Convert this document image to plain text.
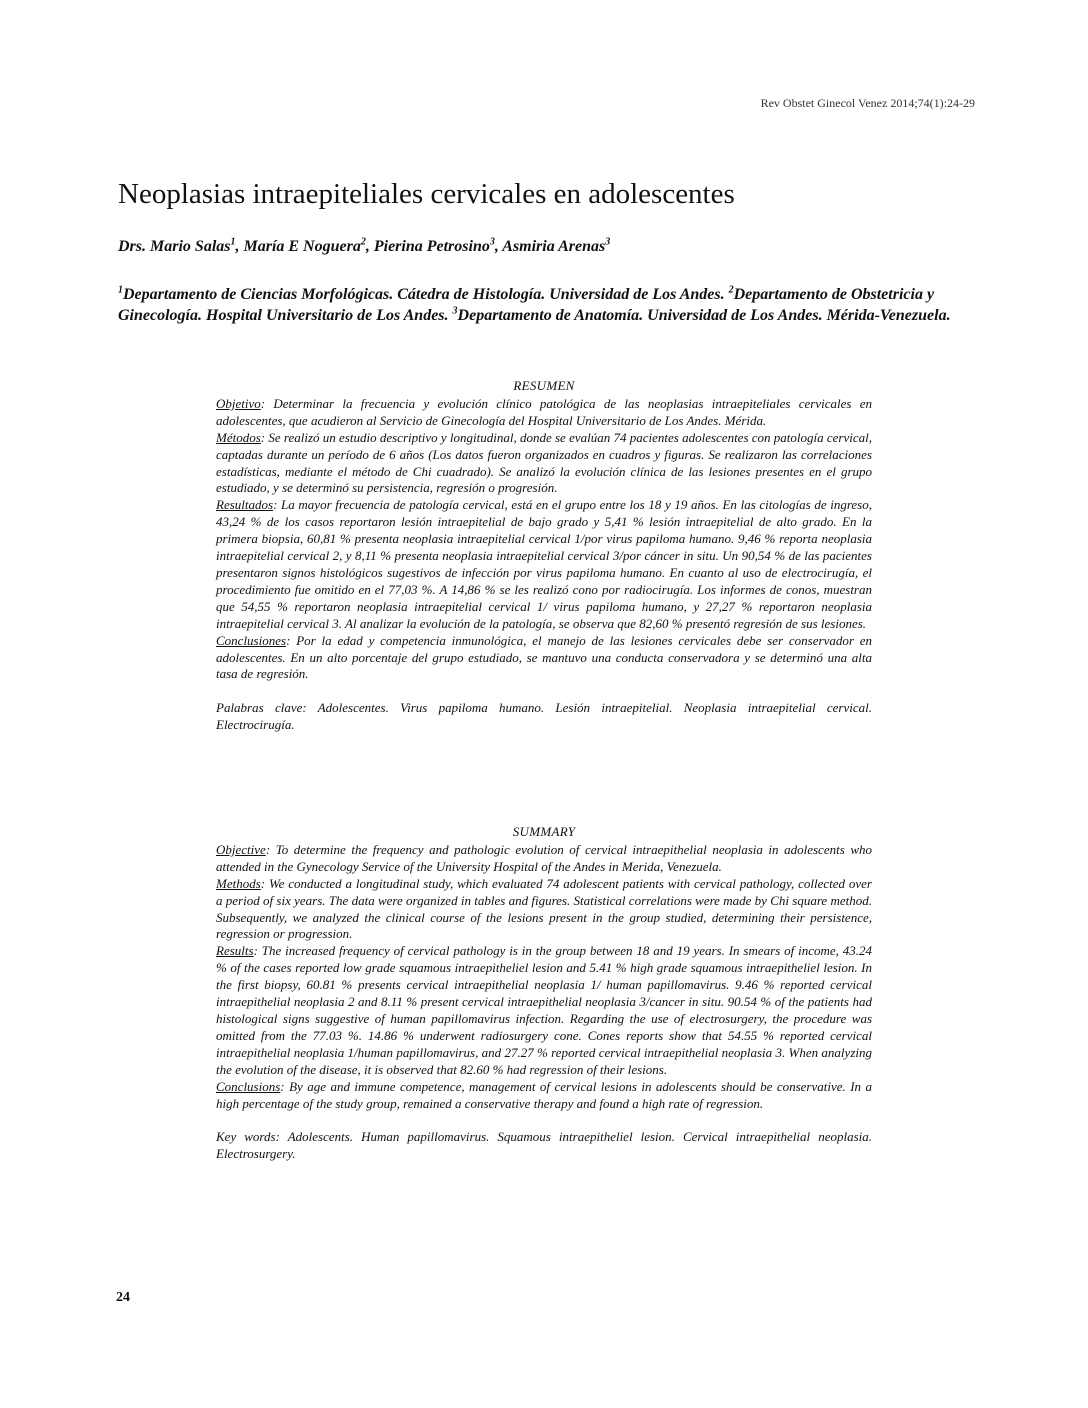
Rev Obstet Ginecol Venez 2014;74(1):24-29
Neoplasias intraepiteliales cervicales en adolescentes
Drs. Mario Salas$^1$, María E Noguera$^2$, Pierina Petrosino$^3$, Asmiria Arenas$^3$
$^1$Departamento de Ciencias Morfológicas. Cátedra de Histología. Universidad de Los Andes. $^2$Departamento de Obstetricia y Ginecología. Hospital Universitario de Los Andes. $^3$Departamento de Anatomía. Universidad de Los Andes. Mérida-Venezuela.
RESUMEN

Objetivo: Determinar la frecuencia y evolución clínico patológica de las neoplasias intraepiteliales cervicales en adolescentes, que acudieron al Servicio de Ginecología del Hospital Universitario de Los Andes. Mérida.

Métodos: Se realizó un estudio descriptivo y longitudinal, donde se evalúan 74 pacientes adolescentes con patología cervical, captadas durante un período de 6 años (Los datos fueron organizados en cuadros y figuras. Se realizaron las correlaciones estadísticas, mediante el método de Chi cuadrado). Se analizó la evolución clínica de las lesiones presentes en el grupo estudiado, y se determinó su persistencia, regresión o progresión.

Resultados: La mayor frecuencia de patología cervical, está en el grupo entre los 18 y 19 años. En las citologías de ingreso, 43,24 % de los casos reportaron lesión intraepitelial de bajo grado y 5,41 % lesión intraepitelial de alto grado. En la primera biopsia, 60,81 % presenta neoplasia intraepitelial cervical 1/por virus papiloma humano. 9,46 % reporta neoplasia intraepitelial cervical 2, y 8,11 % presenta neoplasia intraepitelial cervical 3/por cáncer in situ. Un 90,54 % de las pacientes presentaron signos histológicos sugestivos de infección por virus papiloma humano. En cuanto al uso de electrocirugía, el procedimiento fue omitido en el 77,03 %. A 14,86 % se les realizó cono por radiocirugía. Los informes de conos, muestran que 54,55 % reportaron neoplasia intraepitelial cervical 1/ virus papiloma humano, y 27,27 % reportaron neoplasia intraepitelial cervical 3. Al analizar la evolución de la patología, se observa que 82,60 % presentó regresión de sus lesiones.

Conclusiones: Por la edad y competencia inmunológica, el manejo de las lesiones cervicales debe ser conservador en adolescentes. En un alto porcentaje del grupo estudiado, se mantuvo una conducta conservadora y se determinó una alta tasa de regresión.

Palabras clave: Adolescentes. Virus papiloma humano. Lesión intraepitelial. Neoplasia intraepitelial cervical. Electrocirugía.

SUMMARY

Objective: To determine the frequency and pathologic evolution of cervical intraepithelial neoplasia in adolescents who attended in the Gynecology Service of the University Hospital of the Andes in Merida, Venezuela.

Methods: We conducted a longitudinal study, which evaluated 74 adolescent patients with cervical pathology, collected over a period of six years. The data were organized in tables and figures. Statistical correlations were made by Chi square method. Subsequently, we analyzed the clinical course of the lesions present in the group studied, determining their persistence, regression or progression.

Results: The increased frequency of cervical pathology is in the group between 18 and 19 years. In smears of income, 43.24 % of the cases reported low grade squamous intraepitheliel lesion and 5.41 % high grade squamous intraepitheliel lesion. In the first biopsy, 60.81 % presents cervical intraepithelial neoplasia 1/ human papillomavirus. 9.46 % reported cervical intraepithelial neoplasia 2 and 8.11 % present cervical intraepithelial neoplasia 3/cancer in situ. 90.54 % of the patients had histological signs suggestive of human papillomavirus infection. Regarding the use of electrosurgery, the procedure was omitted from the 77.03 %. 14.86 % underwent radiosurgery cone. Cones reports show that 54.55 % reported cervical intraepithelial neoplasia 1/human papillomavirus, and 27.27 % reported cervical intraepithelial neoplasia 3. When analyzing the evolution of the disease, it is observed that 82.60 % had regression of their lesions.

Conclusions: By age and immune competence, management of cervical lesions in adolescents should be conservative. In a high percentage of the study group, remained a conservative therapy and found a high rate of regression.

Key words: Adolescents. Human papillomavirus. Squamous intraepitheliel lesion. Cervical intraepithelial neoplasia. Electrosurgery.

24
